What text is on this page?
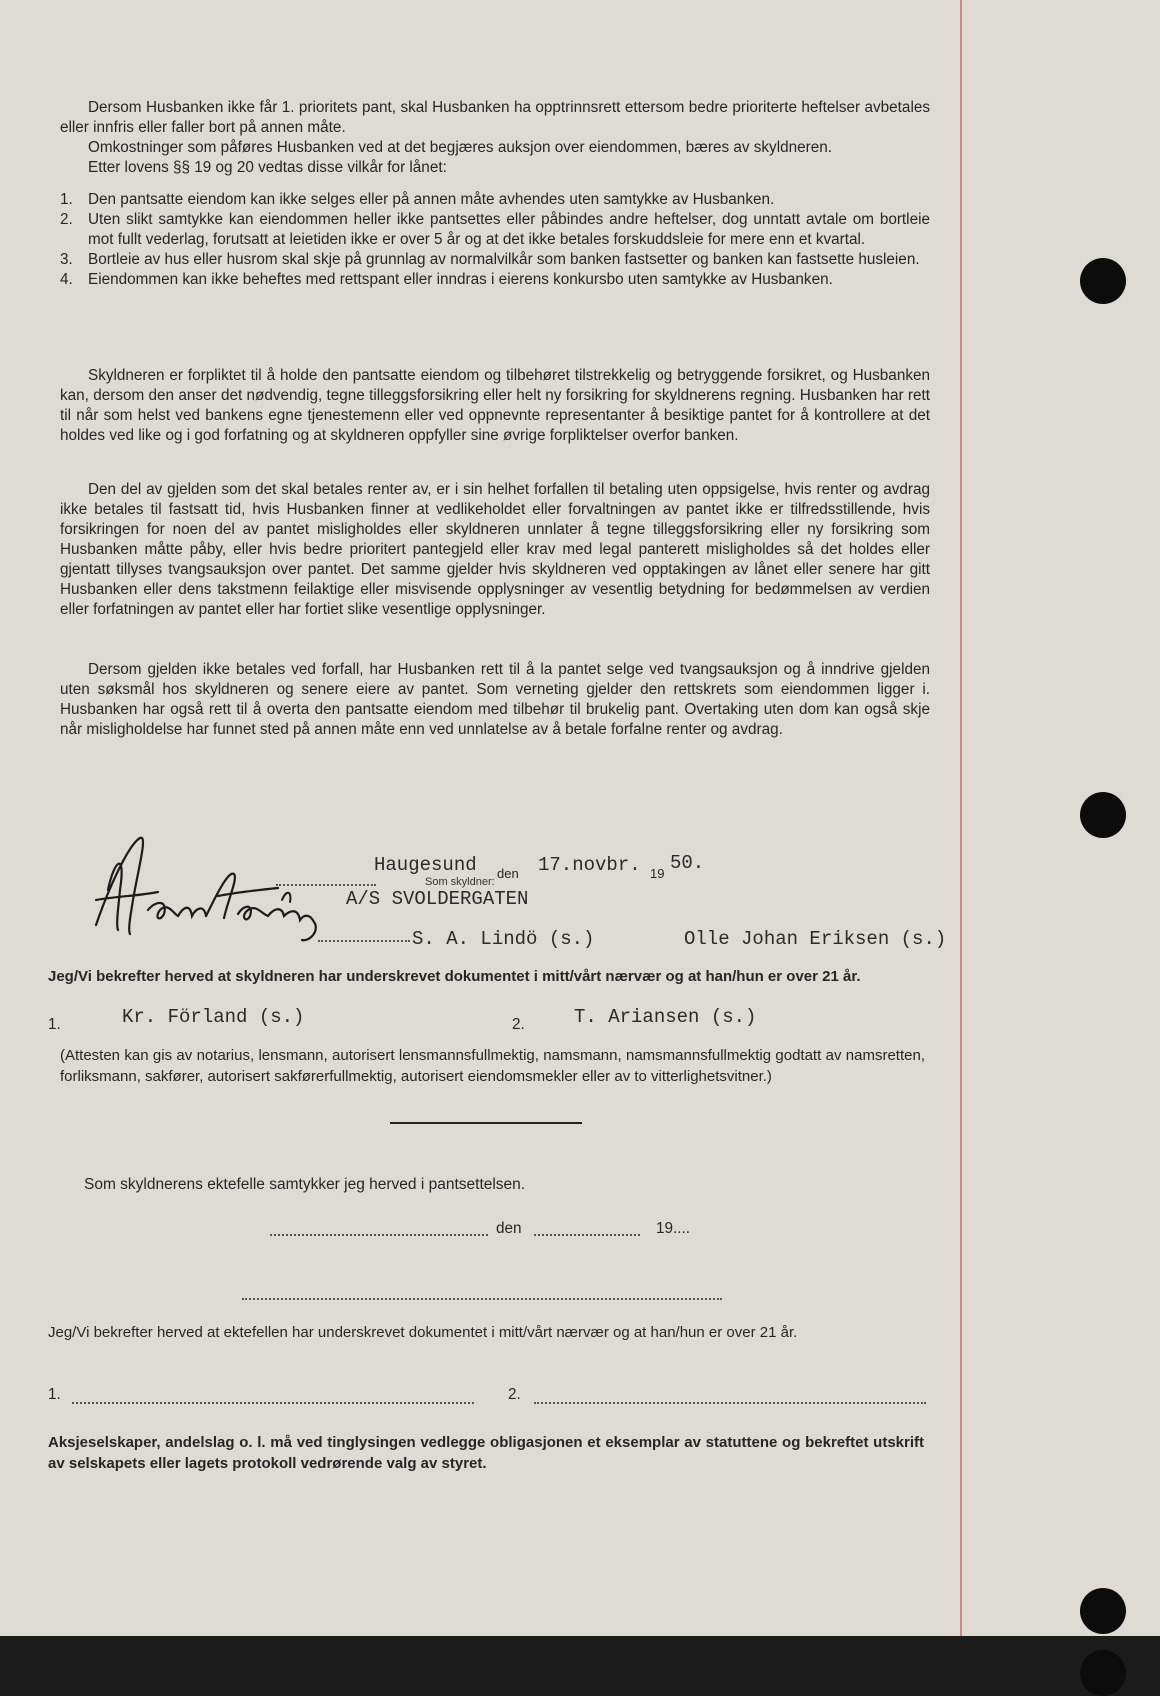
Dersom Husbanken ikke får 1. prioritets pant, skal Husbanken ha opptrinnsrett ettersom bedre prioriterte heftelser avbetales eller innfris eller faller bort på annen måte.
Omkostninger som påføres Husbanken ved at det begjæres auksjon over eiendommen, bæres av skyldneren.
Etter lovens §§ 19 og 20 vedtas disse vilkår for lånet:
1. Den pantsatte eiendom kan ikke selges eller på annen måte avhendes uten samtykke av Husbanken.
2. Uten slikt samtykke kan eiendommen heller ikke pantsettes eller påbindes andre heftelser, dog unntatt avtale om bortleie mot fullt vederlag, forutsatt at leietiden ikke er over 5 år og at det ikke betales forskuddsleie for mere enn et kvartal.
3. Bortleie av hus eller husrom skal skje på grunnlag av normalvilkår som banken fastsetter og banken kan fastsette husleien.
4. Eiendommen kan ikke beheftes med rettspant eller inndras i eierens konkursbo uten samtykke av Husbanken.
Skyldneren er forpliktet til å holde den pantsatte eiendom og tilbehøret tilstrekkelig og betryggende forsikret, og Husbanken kan, dersom den anser det nødvendig, tegne tilleggsforsikring eller helt ny forsikring for skyldnerens regning. Husbanken har rett til når som helst ved bankens egne tjenestemenn eller ved oppnevnte representanter å besiktige pantet for å kontrollere at det holdes ved like og i god forfatning og at skyldneren oppfyller sine øvrige forpliktelser overfor banken.
Den del av gjelden som det skal betales renter av, er i sin helhet forfallen til betaling uten oppsigelse, hvis renter og avdrag ikke betales til fastsatt tid, hvis Husbanken finner at vedlikeholdet eller forvaltningen av pantet ikke er tilfredsstillende, hvis forsikringen for noen del av pantet misligholdes eller skyldneren unnlater å tegne tilleggsforsikring eller ny forsikring som Husbanken måtte påby, eller hvis bedre prioritert pantegjeld eller krav med legal panterett misligholdes så det holdes eller gjentatt tillyses tvangsauksjon over pantet. Det samme gjelder hvis skyldneren ved opptakingen av lånet eller senere har gitt Husbanken eller dens takstmenn feilaktige eller misvisende opplysninger av vesentlig betydning for bedømmelsen av verdien eller forfatningen av pantet eller har fortiet slike vesentlige opplysninger.
Dersom gjelden ikke betales ved forfall, har Husbanken rett til å la pantet selge ved tvangsauksjon og å inndrive gjelden uten søksmål hos skyldneren og senere eiere av pantet. Som verneting gjelder den rettskrets som eiendommen ligger i. Husbanken har også rett til å overta den pantsatte eiendom med tilbehør til brukelig pant. Overtaking uten dom kan også skje når misligholdelse har funnet sted på annen måte enn ved unnlatelse av å betale forfalne renter og avdrag.
Haugesund den 17.novbr. 19 50.
Som skyldner:
A/S SVOLDERGATEN
S. A. Lindö (s.)	Olle Johan Eriksen (s.)
Jeg/Vi bekrefter herved at skyldneren har underskrevet dokumentet i mitt/vårt nærvær og at han/hun er over 21 år.
1.	Kr. Förland (s.)	2.	T. Ariansen (s.)
(Attesten kan gis av notarius, lensmann, autorisert lensmannsfullmektig, namsmann, namsmannsfullmektig godtatt av namsretten, forliksmann, sakfører, autorisert sakførerfullmektig, autorisert eiendomsmekler eller av to vitterlighetsvitner.)
Som skyldnerens ektefelle samtykker jeg herved i pantsettelsen.
den	19....
Jeg/Vi bekrefter herved at ektefellen har underskrevet dokumentet i mitt/vårt nærvær og at han/hun er over 21 år.
1.	2.
Aksjeselskaper, andelslag o. l. må ved tinglysingen vedlegge obligasjonen et eksemplar av statuttene og bekreftet utskrift av selskapets eller lagets protokoll vedrørende valg av styret.
